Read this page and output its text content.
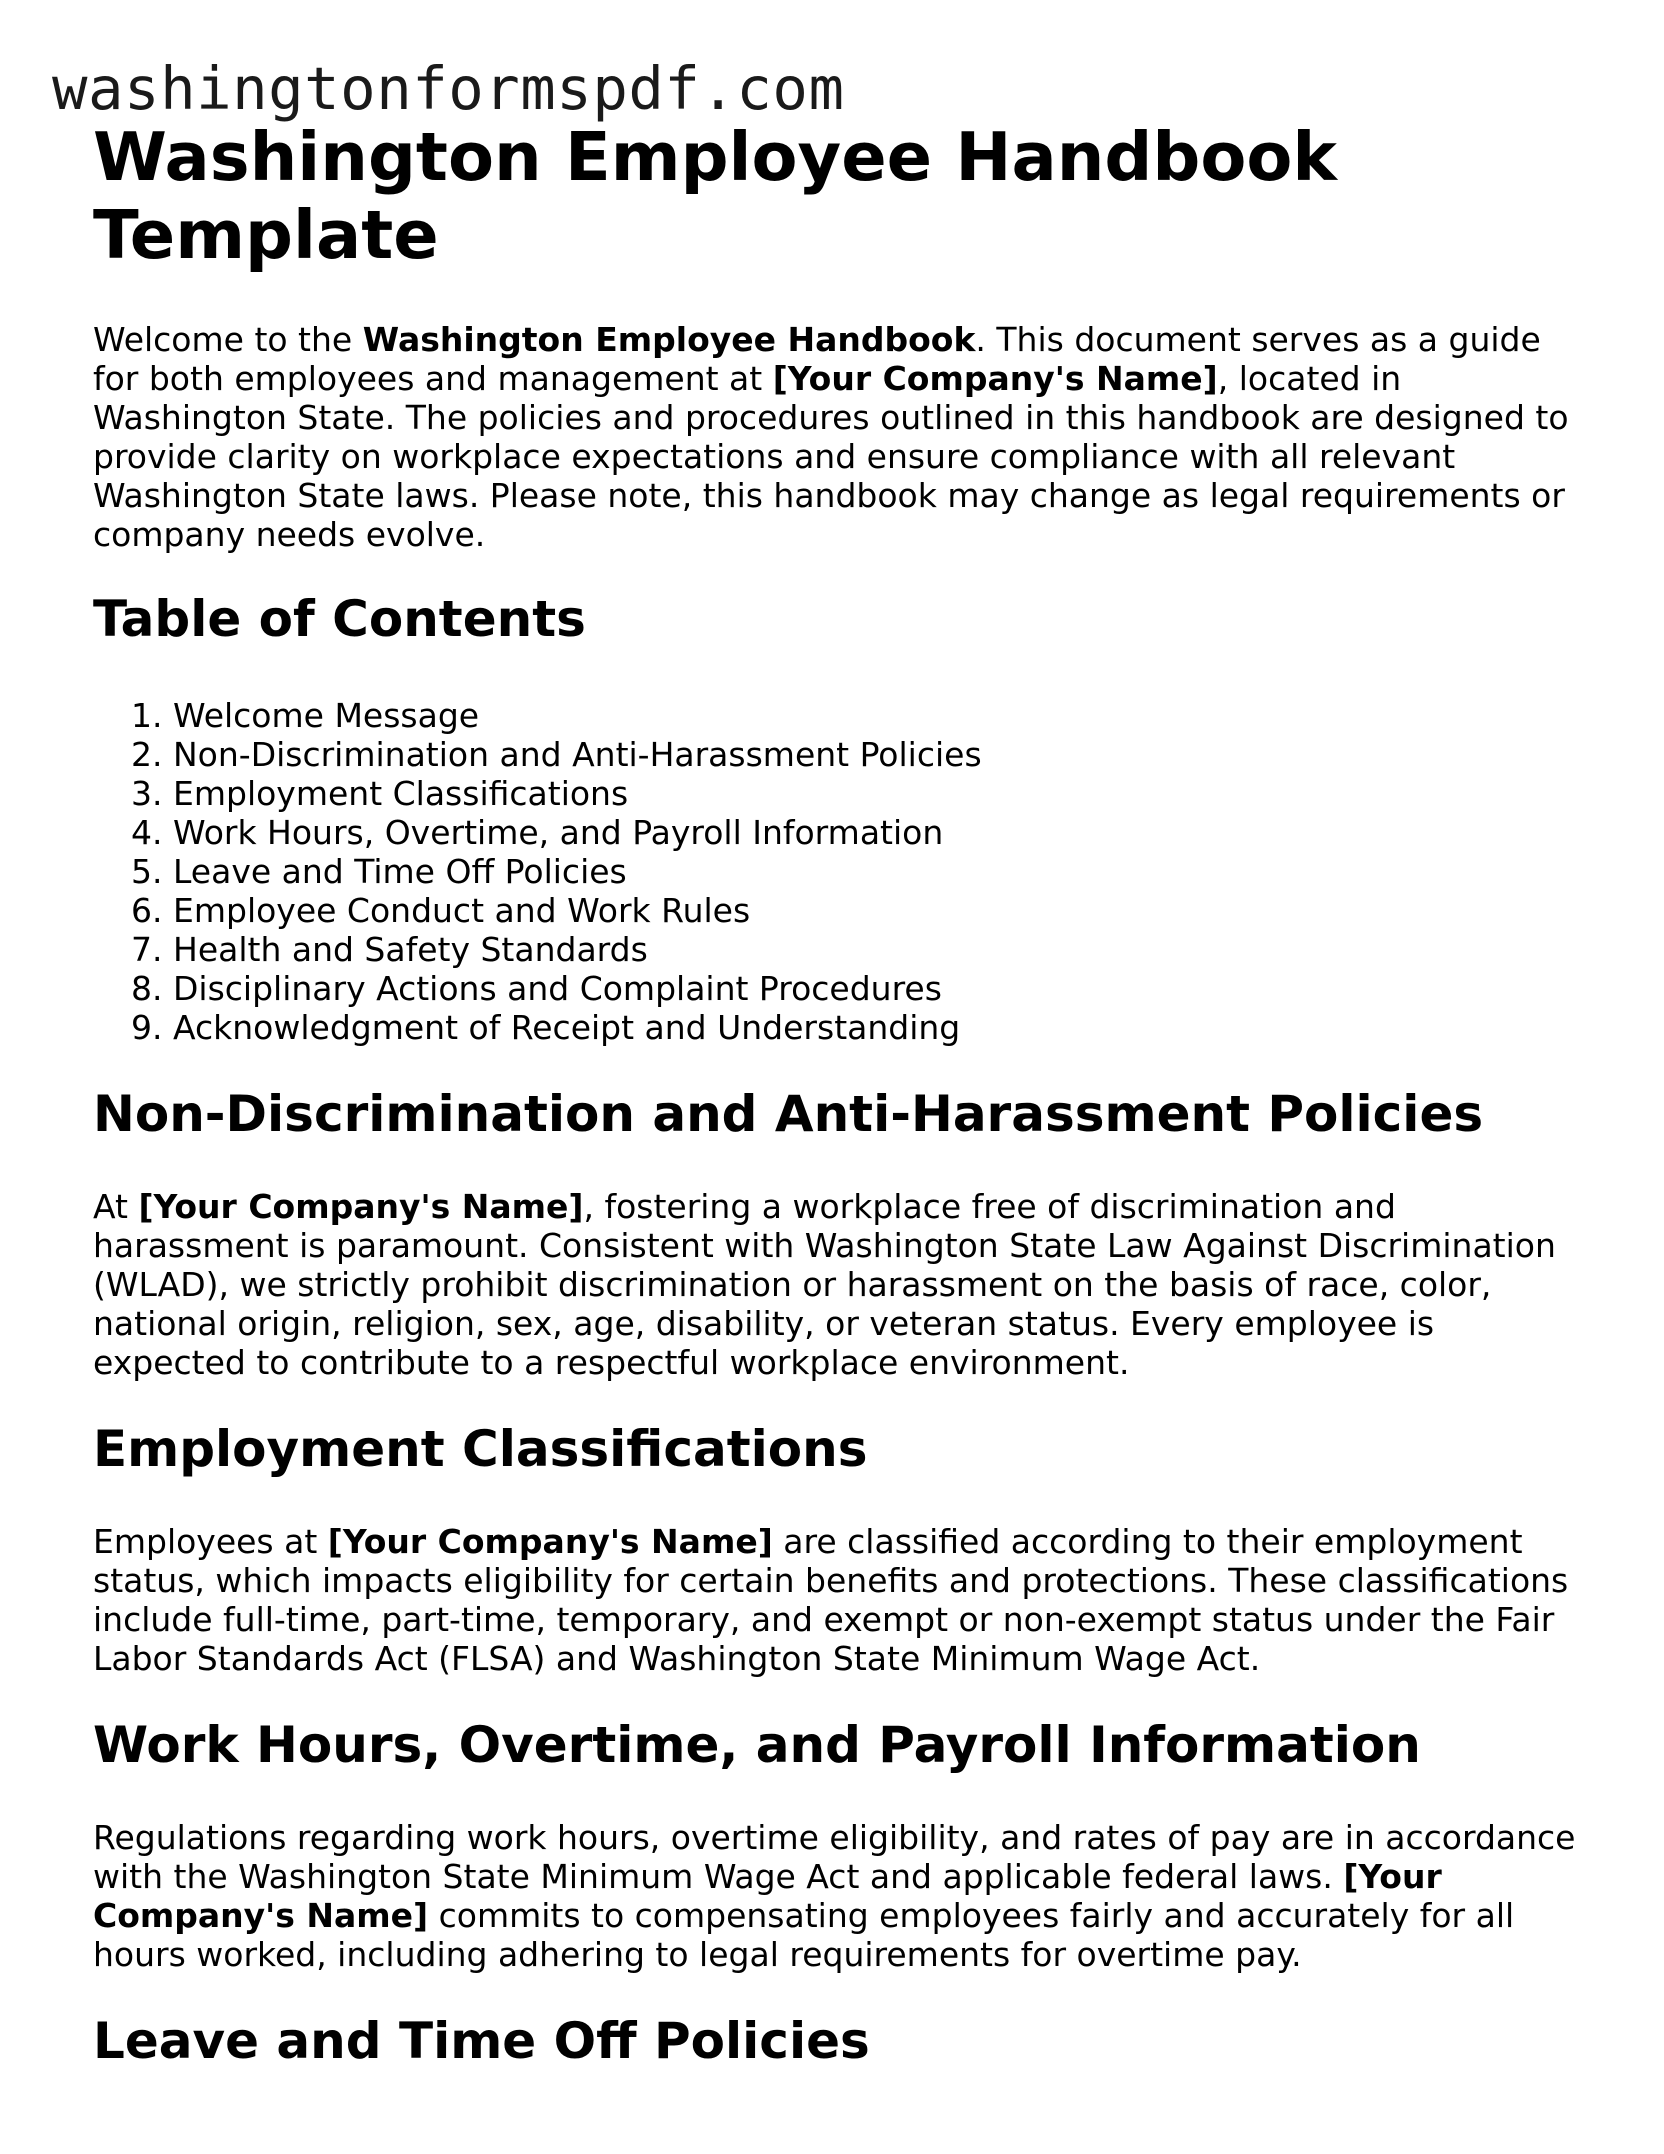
washingtonformspdf.com
Washington Employee Handbook Template

Welcome to the Washington Employee Handbook. This document serves as a guide for both employees and management at [Your Company's Name], located in Washington State. The policies and procedures outlined in this handbook are designed to provide clarity on workplace expectations and ensure compliance with all relevant Washington State laws. Please note, this handbook may change as legal requirements or company needs evolve.

Table of Contents
1. Welcome Message
2. Non-Discrimination and Anti-Harassment Policies
3. Employment Classifications
4. Work Hours, Overtime, and Payroll Information
5. Leave and Time Off Policies
6. Employee Conduct and Work Rules
7. Health and Safety Standards
8. Disciplinary Actions and Complaint Procedures
9. Acknowledgment of Receipt and Understanding
Non-Discrimination and Anti-Harassment Policies

At [Your Company's Name], fostering a workplace free of discrimination and harassment is paramount. Consistent with Washington State Law Against Discrimination (WLAD), we strictly prohibit discrimination or harassment on the basis of race, color, national origin, religion, sex, age, disability, or veteran status. Every employee is expected to contribute to a respectful workplace environment.

Employment Classifications

Employees at [Your Company's Name] are classified according to their employment status, which impacts eligibility for certain benefits and protections. These classifications include full-time, part-time, temporary, and exempt or non-exempt status under the Fair Labor Standards Act (FLSA) and Washington State Minimum Wage Act.

Work Hours, Overtime, and Payroll Information

Regulations regarding work hours, overtime eligibility, and rates of pay are in accordance with the Washington State Minimum Wage Act and applicable federal laws. [Your Company's Name] commits to compensating employees fairly and accurately for all hours worked, including adhering to legal requirements for overtime pay.

Leave and Time Off Policies
